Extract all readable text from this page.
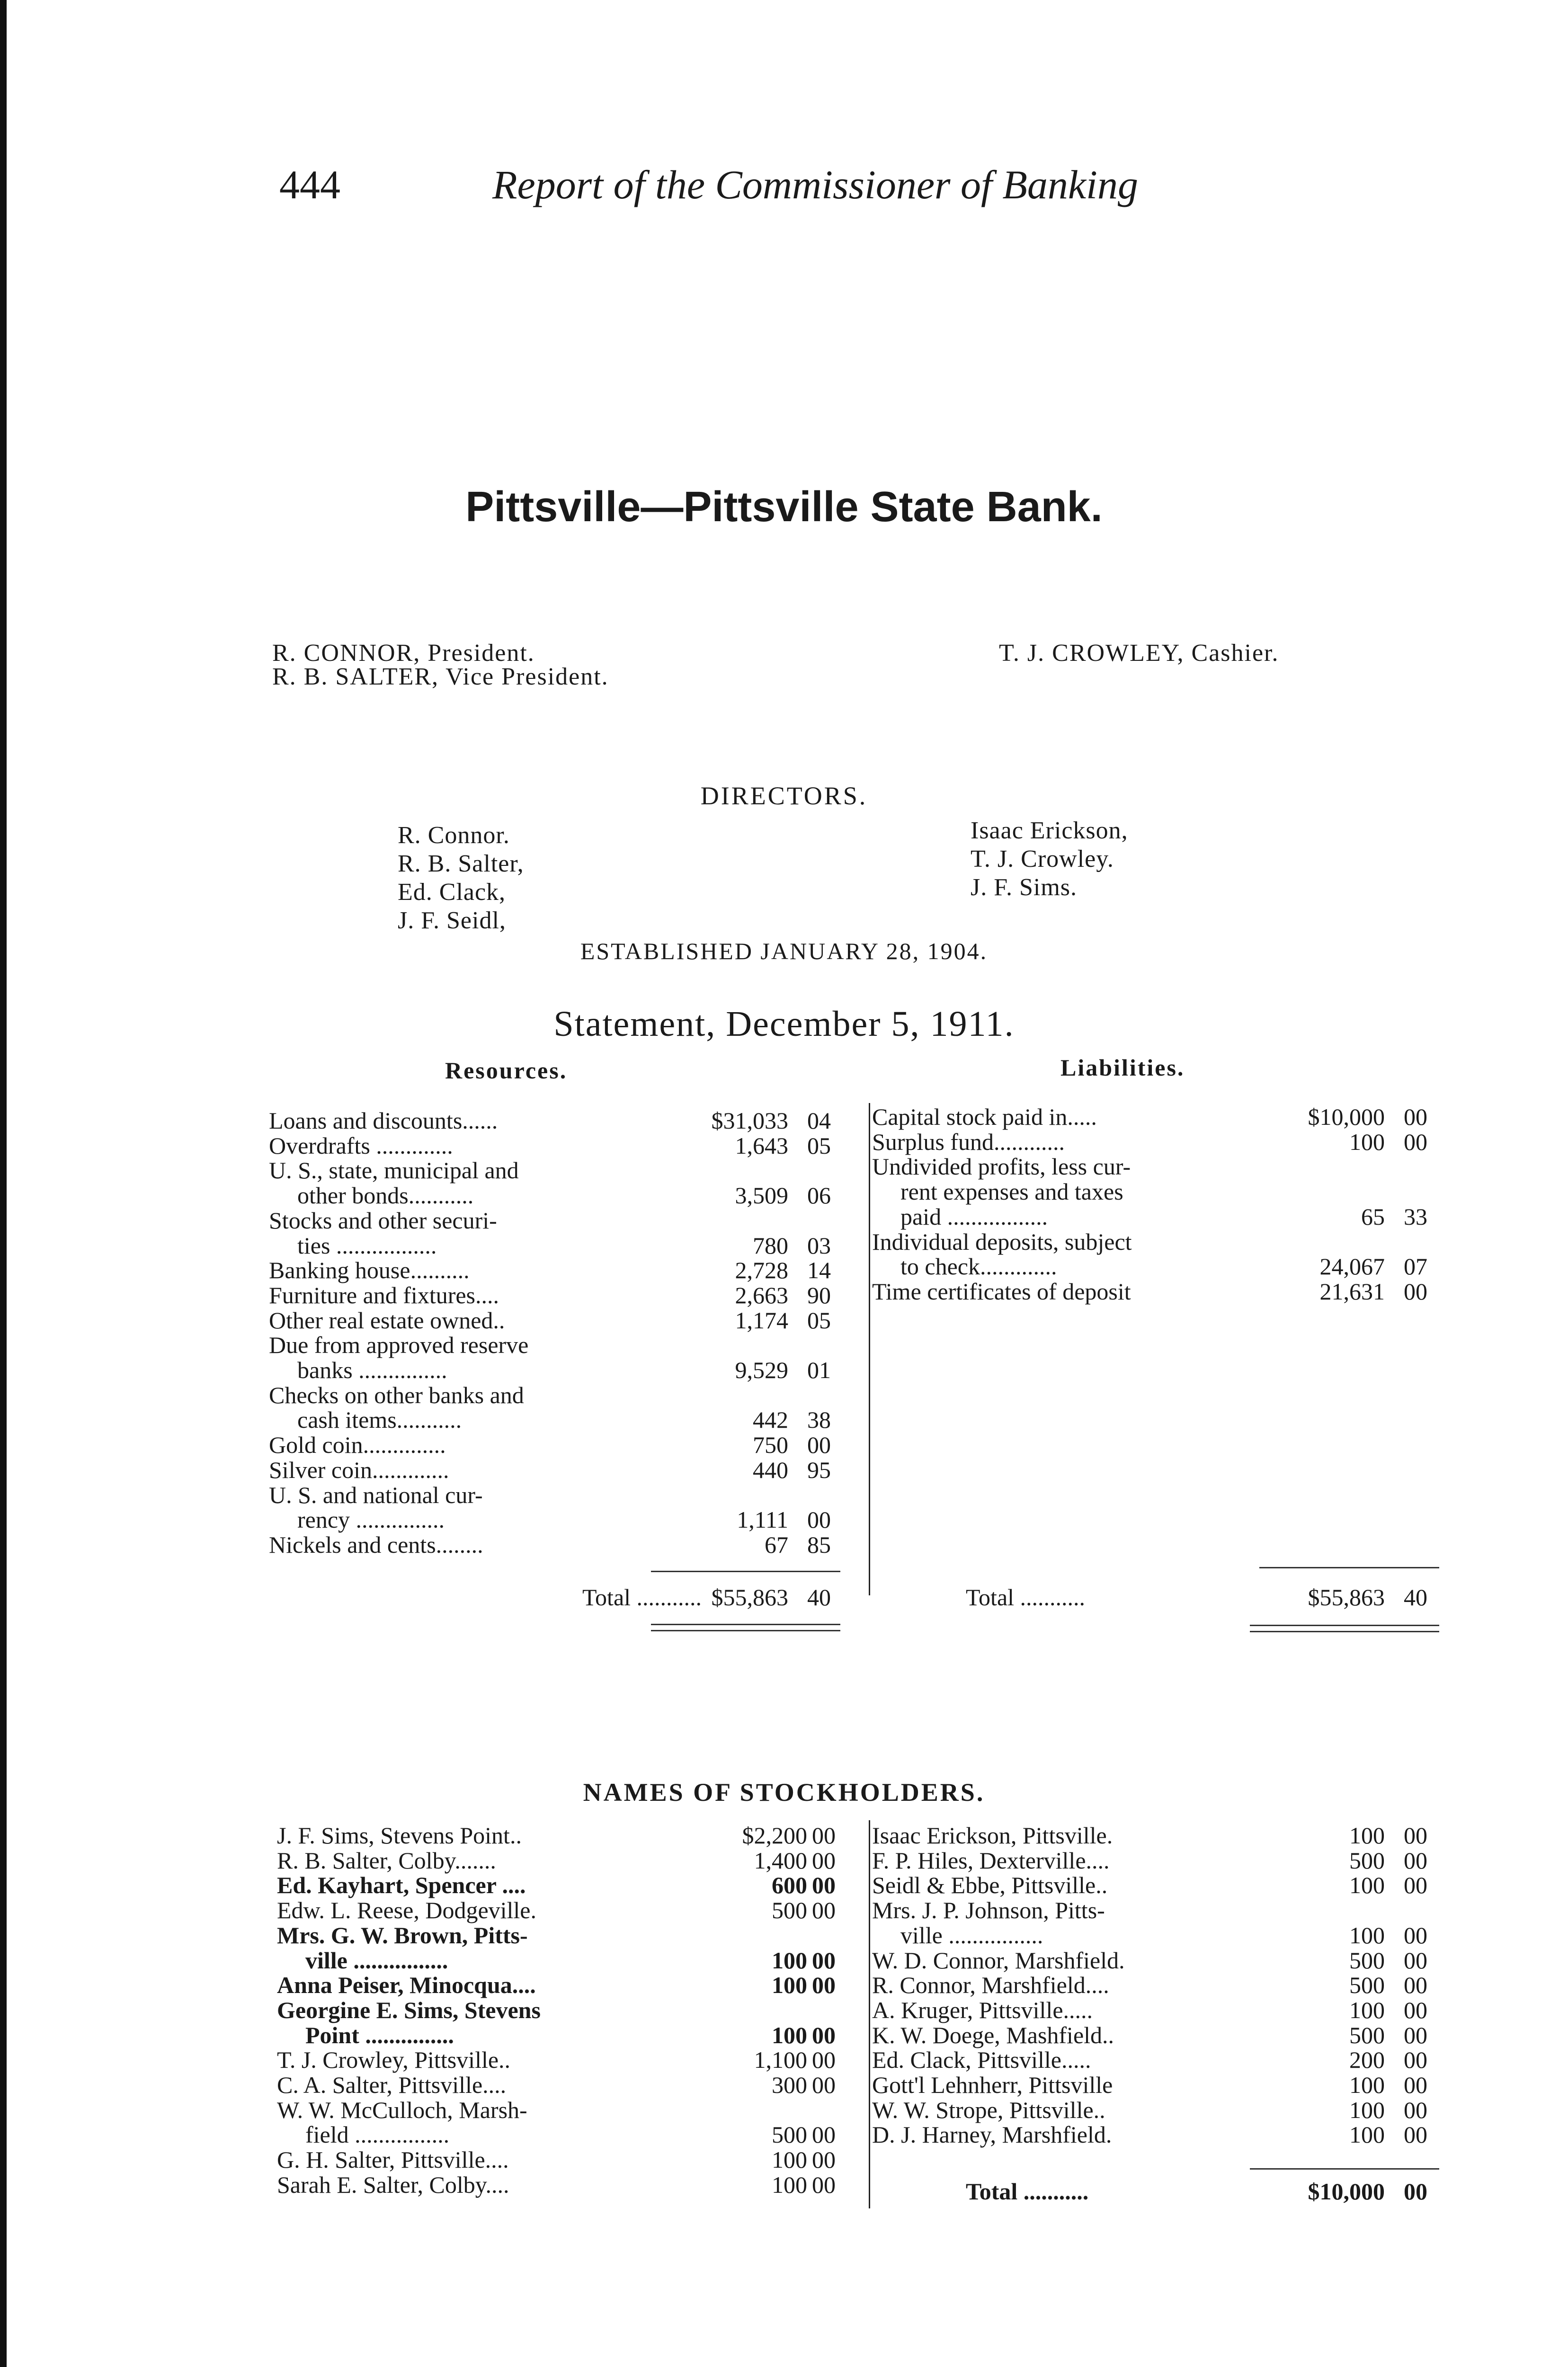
444	Report of the Commissioner of Banking
Pittsville—Pittsville State Bank.
R. CONNOR, President.
R. B. SALTER, Vice President.
T. J. CROWLEY, Cashier.
DIRECTORS.
R. Connor.
R. B. Salter,
Ed. Clack,
J. F. Seidl,
Isaac Erickson,
T. J. Crowley.
J. F. Sims.
ESTABLISHED JANUARY 28, 1904.
Statement, December 5, 1911.
Resources.	Liabilities.
Loans and discounts......	$31,033 04
Overdrafts .............	1,643 05
U. S., state, municipal and
other bonds...........	3,509 06
Stocks and other securi-
ties .................	780 03
Banking house..........	2,728 14
Furniture and fixtures....	2,663 90
Other real estate owned..	1,174 05
Due from approved reserve
banks ...............	9,529 01
Checks on other banks and
cash items...........	442 38
Gold coin..............	750 00
Silver coin.............	440 95
U. S. and national cur-
rency ...............	1,111 00
Nickels and cents........	67 85
Capital stock paid in.....	$10,000 00
Surplus fund............	100 00
Undivided profits, less cur-
rent expenses and taxes
paid .................	65 33
Individual deposits, subject
to check.............	24,067 07
Time certificates of deposit	21,631 00
Total ........... $55,863 40	Total ...........	$55,863 40
NAMES OF STOCKHOLDERS.
J. F. Sims, Stevens Point..	$2,200 00
R. B. Salter, Colby.......	1,400 00
Ed. Kayhart, Spencer ....	600 00
Edw. L. Reese, Dodgeville.	500 00
Mrs. G. W. Brown, Pitts-
ville ................	100 00
Anna Peiser, Minocqua....	100 00
Georgine E. Sims, Stevens
Point ...............	100 00
T. J. Crowley, Pittsville..	1,100 00
C. A. Salter, Pittsville....	300 00
W. W. McCulloch, Marsh-
field ................	500 00
G. H. Salter, Pittsville....	100 00
Sarah E. Salter, Colby....	100 00
Isaac Erickson, Pittsville.	100 00
F. P. Hiles, Dexterville....	500 00
Seidl & Ebbe, Pittsville..	100 00
Mrs. J. P. Johnson, Pitts-
ville ................	100 00
W. D. Connor, Marshfield.	500 00
R. Connor, Marshfield....	500 00
A. Kruger, Pittsville.....	100 00
K. W. Doege, Mashfield..	500 00
Ed. Clack, Pittsville.....	200 00
Gott'l Lehnherr, Pittsville	100 00
W. W. Strope, Pittsville..	100 00
D. J. Harney, Marshfield.	100 00
Total ...........	$10,000 00
